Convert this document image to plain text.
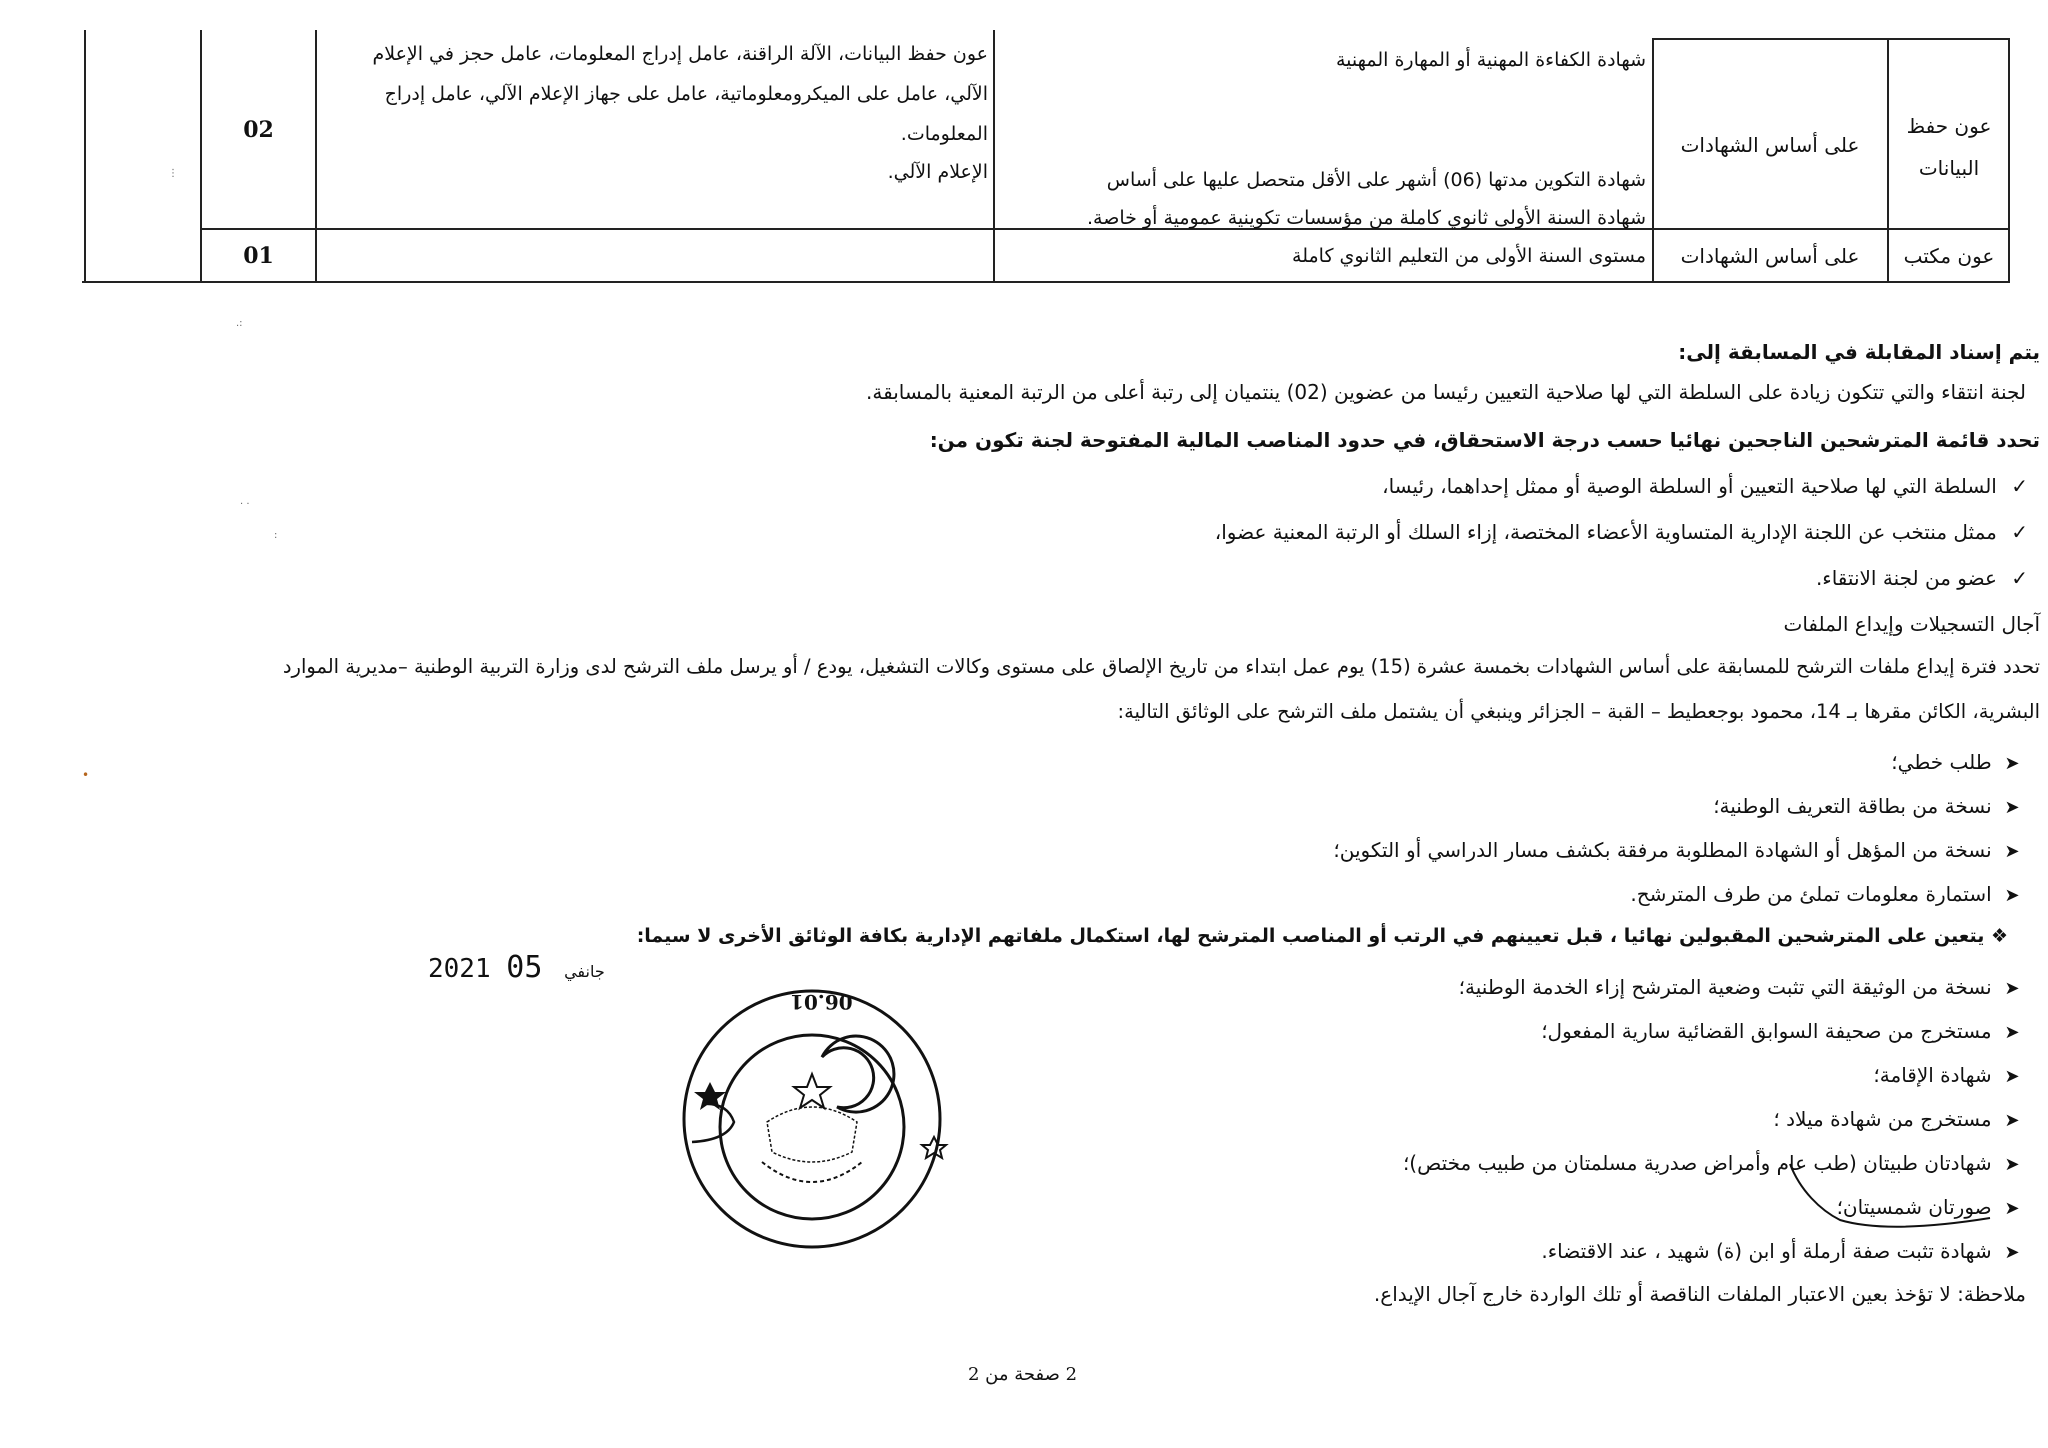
عون حفظ البيانات
على أساس الشهادات
شهادة الكفاءة المهنية أو المهارة المهنية
شهادة التكوين مدتها (06) أشهر على الأقل متحصل عليها على أساس
شهادة السنة الأولى ثانوي كاملة من مؤسسات تكوينية عمومية أو خاصة.
عون حفظ البيانات، الآلة الراقنة، عامل إدراج المعلومات، عامل حجز في الإعلام
الآلي، عامل على الميكرومعلوماتية، عامل على جهاز الإعلام الآلي، عامل إدراج
المعلومات.
الإعلام الآلي.
02
عون مكتب
على أساس الشهادات
مستوى السنة الأولى من التعليم الثانوي كاملة
01
يتم إسناد المقابلة في المسابقة إلى:
لجنة انتقاء والتي تتكون زيادة على السلطة التي لها صلاحية التعيين رئيسا من عضوين (02) ينتميان إلى رتبة أعلى من الرتبة المعنية بالمسابقة.
تحدد قائمة المترشحين الناجحين نهائيا حسب درجة الاستحقاق، في حدود المناصب المالية المفتوحة لجنة تكون من:
✓ السلطة التي لها صلاحية التعيين أو السلطة الوصية أو ممثل إحداهما، رئيسا،
✓ ممثل منتخب عن اللجنة الإدارية المتساوية الأعضاء المختصة، إزاء السلك أو الرتبة المعنية عضوا،
✓ عضو من لجنة الانتقاء.
آجال التسجيلات وإيداع الملفات
تحدد فترة إيداع ملفات الترشح للمسابقة على أساس الشهادات بخمسة عشرة (15) يوم عمل ابتداء من تاريخ الإلصاق على مستوى وكالات التشغيل، يودع / أو يرسل ملف الترشح لدى وزارة التربية الوطنية –مديرية الموارد
البشرية، الكائن مقرها بـ 14، محمود بوجعطيط – القبة – الجزائر وينبغي أن يشتمل ملف الترشح على الوثائق التالية:
➤ طلب خطي؛
➤ نسخة من بطاقة التعريف الوطنية؛
➤ نسخة من المؤهل أو الشهادة المطلوبة مرفقة بكشف مسار الدراسي أو التكوين؛
➤ استمارة معلومات تملئ من طرف المترشح.
❖ يتعين على المترشحين المقبولين نهائيا ، قبل تعيينهم في الرتب أو المناصب المترشح لها، استكمال ملفاتهم الإدارية بكافة الوثائق الأخرى لا سيما:
➤ نسخة من الوثيقة التي تثبت وضعية المترشح إزاء الخدمة الوطنية؛
➤ مستخرج من صحيفة السوابق القضائية سارية المفعول؛
➤ شهادة الإقامة؛
➤ مستخرج من شهادة ميلاد ؛
➤ شهادتان طبيتان (طب عام وأمراض صدرية مسلمتان من طبيب مختص)؛
➤ صورتان شمسيتان؛
➤ شهادة تثبت صفة أرملة أو ابن (ة) شهيد ، عند الاقتضاء.
ملاحظة: لا تؤخذ بعين الاعتبار الملفات الناقصة أو تلك الواردة خارج آجال الإيداع.
2021	جانفي 05
06.01
2 صفحة من 2
⋮
.:
. .
:
•
